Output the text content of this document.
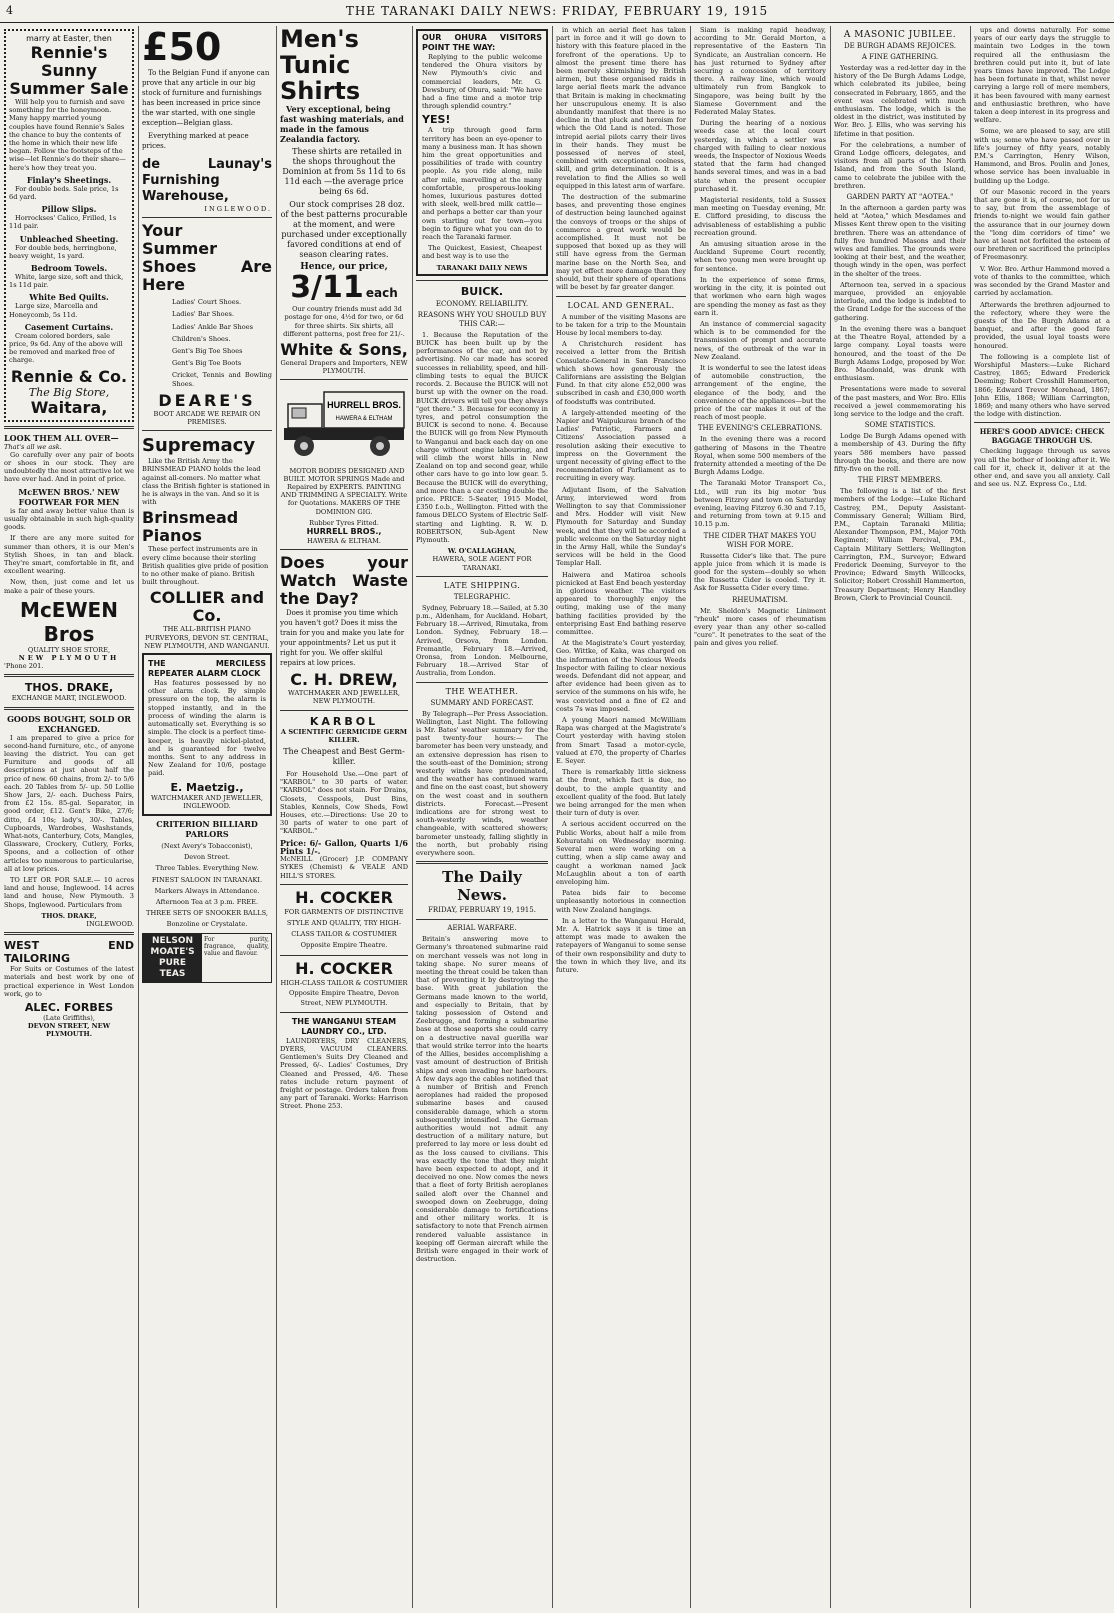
4	THE TARANAKI DAILY NEWS: FRIDAY, FEBRUARY 19, 1915
marry at Easter, then
Rennie's Sunny Summer Sale

Will help you to furnish and save something for the honeymoon. Many happy married young couples have found Rennie's Sales the chance to buy the contents of the home in which their new life began. Follow the footsteps of the wise—let Rennie's do their share—here's how they treat you.

Finlay's Sheetings.

For double beds. Sale price, 1s 6d yard.

Pillow Slips.

Horrockses' Calico, Frilled, 1s 11d pair.

Unbleached Sheeting.

For double beds, herringbone, heavy weight, 1s yard.

Bedroom Towels.

White, large size, soft and thick, 1s 11d pair.

White Bed Quilts.

Large size, Marcella and Honeycomb, 5s 11d.

Casement Curtains.

Cream colored borders, sale price, 9s 6d. Any of the above will be removed and marked free of charge.

Rennie & Co.
The Big Store,
Waitara,
LOOK THEM ALL OVER—
That's all we ask.

Go carefully over any pair of boots or shoes in our stock. They are undoubtedly the most attractive lot we have ever had. And in point of price.

McEWEN BROS.' NEW FOOTWEAR FOR MEN

is far and away better value than is usually obtainable in such high-quality goods.

If there are any more suited for summer than others, it is our Men's Stylish Shoes, in tan and black. They're smart, comfortable in fit, and excellent wearing.

Now, then, just come and let us make a pair of these yours.

McEWEN Bros
QUALITY SHOE STORE,
NEW PLYMOUTH
'Phone 201.
THOS. DRAKE,
EXCHANGE MART, INGLEWOOD.
GOODS BOUGHT, SOLD OR EXCHANGED.

I am prepared to give a price for second-hand furniture, etc., of anyone leaving the district. You can get Furniture and goods of all descriptions at just about half the price of new. 60 chains, from 2/- to 5/6 each. 20 Tables from 5/- up. 50 Lollie Show Jars, 2/- each. Duchess Pairs, from £2 15s. 85-gal. Separator, in good order, £12. Gent's Bike, 27/6; ditto, £4 10s; lady's, 30/-. Tables, Cupboards, Wardrobes, Washstands, What-nots, Canterbury, Cots, Mangles, Glassware, Crockery, Cutlery, Forks, Spoons, and a collection of other articles too numerous to particularise, all at low prices.

TO LET OR FOR SALE.— 10 acres land and house, Inglewood. 14 acres land and house, New Plymouth. 3 Shops, Inglewood. Particulars from

THOS. DRAKE,
INGLEWOOD.
WEST END TAILORING

For Suits or Costumes of the latest materials and best work by one of practical experience in West London work, go to

ALEC. FORBES
(Late Griffiths),
DEVON STREET, NEW PLYMOUTH.
£50

To the Belgian Fund if anyone can prove that any article in our big stock of furniture and furnishings has been increased in price since the war started, with one single exception—Belgian glass.

Everything marked at peace prices.

de Launay's Furnishing Warehouse,
INGLEWOOD.
Your
Summer Shoes Are Here
Ladies' Court Shoes.
Ladies' Bar Shoes.
Ladies' Ankle Bar Shoes
Children's Shoes.
Gent's Big Toe Shoes
Gent's Big Toe Boots
Cricket, Tennis and Bowling Shoes.
DEARE'S
BOOT ARCADE WE REPAIR ON PREMISES.
Supremacy

Like the British Army the BRINSMEAD PIANO holds the lead against all-comers. No matter what class the British fighter is stationed in he is always in the van. And so it is with

Brinsmead Pianos

These perfect instruments are in every clime because their sterling British qualities give pride of position to no other make of piano. British built throughout.

COLLIER and Co.
THE ALL-BRITISH PIANO PURVEYORS, DEVON ST. CENTRAL, NEW PLYMOUTH, AND WANGANUI.
THE MERCILESS REPEATER ALARM CLOCK

Has features possessed by no other alarm clock. By simple pressure on the top, the alarm is stopped instantly, and in the process of winding the alarm is automatically set. Everything is so simple. The clock is a perfect time-keeper, is heavily nickel-plated, and is guaranteed for twelve months. Sent to any address in New Zealand for 10/6, postage paid.

E. Maetzig.,
WATCHMAKER AND JEWELLER, INGLEWOOD.
CRITERION BILLIARD PARLORS
(Next Avery's Tobacconist),
Devon Street.
Three Tables. Everything New.
FINEST SALOON IN TARANAKI.
Markers Always in Attendance.
Afternoon Tea at 3 p.m. FREE.
THREE SETS OF SNOOKER BALLS,
Bonzoline or Crystalate.
NELSON MOATE'S PURE TEAS
For purity, fragrance, quality, value and flavour.
Men's Tunic Shirts

Very exceptional, being fast washing materials, and made in the famous Zealandia factory.

These shirts are retailed in the shops throughout the Dominion at from 5s 11d to 6s 11d each —the average price being 6s 6d.

Our stock comprises 28 doz. of the best patterns procurable at the moment, and were purchased under exceptionally favored conditions at end of season clearing rates.

Hence, our price,
3/11 each

Our country friends must add 3d postage for one, 4½d for two, or 6d for three shirts. Six shirts, all different patterns, post free for 21/-.

White & Sons,
General Drapers and Importers, NEW PLYMOUTH.
HURRELL BROS.
HAWERA & ELTHAM

MOTOR BODIES DESIGNED AND BUILT. MOTOR SPRINGS Made and Repaired by EXPERTS. PAINTING AND TRIMMING A SPECIALTY. Write for Quotations. MAKERS OF THE DOMINION GIG.

Rubber Tyres Fitted.
HURRELL BROS.,
HAWERA & ELTHAM.
Does your Watch Waste the Day?

Does it promise you time which you haven't got? Does it miss the train for you and make you late for your appointments? Let us put it right for you. We offer skilful repairs at low prices.

C. H. DREW,
WATCHMAKER AND JEWELLER, NEW PLYMOUTH.
KARBOL
A SCIENTIFIC GERMICIDE GERM KILLER.
The Cheapest and Best Germ-killer.

For Household Use.—One part of "KARBOL" to 30 parts of water. "KARBOL" does not stain. For Drains, Closets, Cesspools, Dust Bins, Stables, Kennels, Cow Sheds, Fowl Houses, etc.—Directions: Use 20 to 30 parts of water to one part of "KARBOL."

Price: 6/- Gallon, Quarts 1/6 Pints 1/-.
McNEILL (Grocer) J.P. COMPANY SYKES (Chemist) & VEALE AND HILL'S STORES.
H. COCKER
FOR GARMENTS OF DISTINCTIVE STYLE AND QUALITY, TRY HIGH-CLASS TAILOR & COSTUMIER Opposite Empire Theatre.
H. COCKER
HIGH-CLASS TAILOR & COSTUMIER Opposite Empire Theatre, Devon Street, NEW PLYMOUTH.
THE WANGANUI STEAM LAUNDRY CO., LTD.

LAUNDRYERS, DRY CLEANERS, DYERS, VACUUM CLEANERS. Gentlemen's Suits Dry Cleaned and Pressed, 6/-. Ladies' Costumes, Dry Cleaned and Pressed, 4/6. These rates include return payment of freight or postage. Orders taken from any part of Taranaki. Works: Harrison Street. Phone 253.

OUR OHURA VISITORS POINT THE WAY:

Replying to the public welcome tendered the Ohura visitors by New Plymouth's civic and commercial leaders, Mr. G. Dewsbury, of Ohura, said: "We have had a fine time and a motor trip through splendid country."

YES!

A trip through good farm territory has been an eye-opener to many a business man. It has shown him the great opportunities and possibilities of trade with country people. As you ride along, mile after mile, marvelling at the many comfortable, prosperous-looking homes, luxurious pastures dotted with sleek, well-bred milk cattle—and perhaps a better car than your own starting out for town—you begin to figure what you can do to reach the Taranaki farmer.

The Quickest, Easiest, Cheapest and best way is to use the

TARANAKI DAILY NEWS
BUICK.
ECONOMY. RELIABILITY.
REASONS WHY YOU SHOULD BUY THIS CAR:—

1. Because the Reputation of the BUICK has been built up by the performances of the car, and not by advertising. No car made has scored successes in reliability, speed, and hill-climbing tests to equal the BUICK records. 2. Because the BUICK will not burst up with the owner on the road. BUICK drivers will tell you they always "get there." 3. Because for economy in tyres, and petrol consumption the BUICK is second to none. 4. Because the BUICK will go from New Plymouth to Wanganui and back each day on one charge without engine labouring, and will climb the worst hills in New Zealand on top and second gear, while other cars have to go into low gear. 5. Because the BUICK will do everything, and more than a car costing double the price. PRICE: 5-Seater, 1915 Model, £350 f.o.b., Wellington. Fitted with the famous DELCO System of Electric Self-starting and Lighting. R. W. D. ROBERTSON, Sub-Agent New Plymouth.

W. O'CALLAGHAN,
HAWERA, SOLE AGENT FOR TARANAKI.
LATE SHIPPING.
TELEGRAPHIC.

Sydney, February 18.—Sailed, at 5.30 p.m., Aldenham, for Auckland. Hobart, February 18.—Arrived, Rimutaka, from London. Sydney, February 18.—Arrived, Orsova, from London. Fremantle, February 18.—Arrived, Oronsa, from London. Melbourne, February 18.—Arrived Star of Australia, from London.

THE WEATHER.
SUMMARY AND FORECAST.

By Telegraph—Per Press Association. Wellington, Last Night. The following is Mr. Bates' weather summary for the past twenty-four hours:— The barometer has been very unsteady, and an extensive depression has risen to the south-east of the Dominion; strong westerly winds have predominated, and the weather has continued warm and fine on the east coast, but showery on the west coast and in southern districts. Forecast.—Present indications are for strong west to south-westerly winds, weather changeable, with scattered showers; barometer unsteady, falling slightly in the north, but probably rising everywhere soon.

The Daily News.
FRIDAY, FEBRUARY 19, 1915.
AERIAL WARFARE.

Britain's answering move to Germany's threatened submarine raid on merchant vessels was not long in taking shape. No surer means of meeting the threat could be taken than that of preventing it by destroying the base. With great jubilation the Germans made known to the world, and especially to Britain, that by taking possession of Ostend and Zeebrugge, and forming a submarine base at those seaports she could carry on a destructive naval guerilla war that would strike terror into the hearts of the Allies, besides accomplishing a vast amount of destruction of British ships and even invading her harbours. A few days ago the cables notified that a number of British and French aeroplanes had raided the proposed submarine bases and caused considerable damage, which a storm subsequently intensified. The German authorities would not admit any destruction of a military nature, but preferred to lay more or less doubt ed as the loss caused to civilians. This was exactly the tone that they might have been expected to adopt, and it deceived no one. Now comes the news that a fleet of forty British aeroplanes sailed aloft over the Channel and swooped down on Zeebrugge, doing considerable damage to fortifications and other military works. It is satisfactory to note that French airmen rendered valuable assistance in keeping off German aircraft while the British were engaged in their work of destruction.

in which an aerial fleet has taken part in force and it will go down to history with this feature placed in the forefront of the operations. Up to almost the present time there has been merely skirmishing by British airmen, but these organised raids in large aerial fleets mark the advance that Britain is making in checkmating her unscrupulous enemy. It is also abundantly manifest that there is no decline in that pluck and heroism for which the Old Land is noted. Those intrepid aerial pilots carry their lives in their hands. They must be possessed of nerves of steel, combined with exceptional coolness, skill, and grim determination. It is a revelation to find the Allies so well equipped in this latest arm of warfare.

The destruction of the submarine bases, and preventing those engines of destruction being launched against the convoys of troops or the ships of commerce a great work would be accomplished. It must not be supposed that boxed up as they will still have egress from the German marine base on the North Sea, and may yet effect more damage than they should, but their sphere of operations will be beset by far greater danger.

LOCAL AND GENERAL.

A number of the visiting Masons are to be taken for a trip to the Mountain House by local members to-day.

A Christchurch resident has received a letter from the British Consulate-General in San Francisco which shows how generously the Californians are assisting the Belgian Fund. In that city alone £52,000 was subscribed in cash and £30,000 worth of foodstuffs was contributed.

A largely-attended meeting of the Napier and Waipukurau branch of the Ladies' Patriotic, Farmers and Citizens' Association passed a resolution asking their executive to impress on the Government the urgent necessity of giving effect to the recommendation of Parliament as to recruiting in every way.

Adjutant Ilsom, of the Salvation Army, interviewed word from Wellington to say that Commissioner and Mrs. Hodder will visit New Plymouth for Saturday and Sunday week, and that they will be accorded a public welcome on the Saturday night in the Army Hall, while the Sunday's services will be held in the Good Templar Hall.

Haiwera and Matiroa schools picnicked at East End beach yesterday in glorious weather. The visitors appeared to thoroughly enjoy the outing, making use of the many bathing facilities provided by the enterprising East End bathing reserve committee.

At the Magistrate's Court yesterday, Geo. Wittke, of Kaka, was charged on the information of the Noxious Weeds Inspector with failing to clear noxious weeds. Defendant did not appear, and after evidence had been given as to service of the summons on his wife, he was convicted and a fine of £2 and costs 7s was imposed.

A young Maori named McWilliam Rapa was charged at the Magistrate's Court yesterday with having stolen from Smart Tasad a motor-cycle, valued at £70, the property of Charles E. Seyer.

There is remarkably little sickness at the front, which fact is due, no doubt, to the ample quantity and excellent quality of the food. But lately we being arranged for the men when their turn of duty is over.

A serious accident occurred on the Public Works, about half a mile from Kohuratahi on Wednesday morning. Several men were working on a cutting, when a slip came away and caught a workman named Jack McLaughlin about a ton of earth enveloping him.

Patea bids fair to become unpleasantly notorious in connection with New Zealand hangings.

In a letter to the Wanganui Herald, Mr. A. Hatrick says it is time an attempt was made to awaken the ratepayers of Wanganui to some sense of their own responsibility and duty to the town in which they live, and its future.

Siam is making rapid headway, according to Mr. Gerald Morton, a representative of the Eastern Tin Syndicate, an Australian concern. He has just returned to Sydney after securing a concession of territory there. A railway line, which would ultimately run from Bangkok to Singapore, was being built by the Siamese Government and the Federated Malay States.

During the hearing of a noxious weeds case at the local court yesterday, in which a settler was charged with failing to clear noxious weeds, the Inspector of Noxious Weeds stated that the farm had changed hands several times, and was in a bad state when the present occupier purchased it.

Magisterial residents, told a Sussex man meeting on Tuesday evening, Mr. E. Clifford presiding, to discuss the advisableness of establishing a public recreation ground.

An amusing situation arose in the Auckland Supreme Court recently, when two young men were brought up for sentence.

In the experience of some firms, working in the city, it is pointed out that workmen who earn high wages are spending the money as fast as they earn it.

An instance of commercial sagacity which is to be commended for the transmission of prompt and accurate news, of the outbreak of the war in New Zealand.

It is wonderful to see the latest ideas of automobile construction, the arrangement of the engine, the elegance of the body, and the convenience of the appliances—but the price of the car makes it out of the reach of most people.

THE EVENING'S CELEBRATIONS.

In the evening there was a record gathering of Masons in the Theatre Royal, when some 500 members of the fraternity attended a meeting of the De Burgh Adams Lodge.

The Taranaki Motor Transport Co., Ltd., will run its big motor 'bus between Fitzroy and town on Saturday evening, leaving Fitzroy 6.30 and 7.15, and returning from town at 9.15 and 10.15 p.m.

THE CIDER THAT MAKES YOU WISH FOR MORE.

Russetta Cider's like that. The pure apple juice from which it is made is good for the system—doubly so when the Russetta Cider is cooled. Try it. Ask for Russetta Cider every time.

RHEUMATISM.

Mr. Sheldon's Magnetic Liniment "rheuk" more cases of rheumatism every year than any other so-called "cure". It penetrates to the seat of the pain and gives you relief.

A MASONIC JUBILEE.
DE BURGH ADAMS REJOICES.
A FINE GATHERING.

Yesterday was a red-letter day in the history of the De Burgh Adams Lodge, which celebrated its jubilee, being consecrated in February, 1865, and the event was celebrated with much enthusiasm. The lodge, which is the oldest in the district, was instituted by Wor. Bro. J. Ellis, who was serving his lifetime in that position.

For the celebrations, a number of Grand Lodge officers, delegates, and visitors from all parts of the North Island, and from the South Island, came to celebrate the jubilee with the brethren.

GARDEN PARTY AT "AOTEA."

In the afternoon a garden party was held at "Aotea," which Mesdames and Misses Kent threw open to the visiting brethren. There was an attendance of fully five hundred Masons and their wives and families. The grounds were looking at their best, and the weather, though windy in the open, was perfect in the shelter of the trees.

Afternoon tea, served in a spacious marquee, provided an enjoyable interlude, and the lodge is indebted to the Grand Lodge for the success of the gathering.

In the evening there was a banquet at the Theatre Royal, attended by a large company. Loyal toasts were honoured, and the toast of the De Burgh Adams Lodge, proposed by Wor. Bro. Macdonald, was drunk with enthusiasm.

Presentations were made to several of the past masters, and Wor. Bro. Ellis received a jewel commemorating his long service to the lodge and the craft.

SOME STATISTICS.

Lodge De Burgh Adams opened with a membership of 43. During the fifty years 586 members have passed through the books, and there are now fifty-five on the roll.

THE FIRST MEMBERS.

The following is a list of the first members of the Lodge:—Luke Richard Castrey, P.M., Deputy Assistant-Commissary General; William Bird, P.M., Captain Taranaki Militia; Alexander Thompson, P.M., Major 70th Regiment; William Percival, P.M., Captain Military Settlers; Wellington Carrington, P.M., Surveyor; Edward Frederick Deeming, Surveyor to the Province; Edward Smyth Willcocks, Solicitor; Robert Crosshill Hammerton, Treasury Department; Henry Handley Brown, Clerk to Provincial Council.

ups and downs naturally. For some years of our early days the struggle to maintain two Lodges in the town required all the enthusiasm the brethren could put into it, but of late years times have improved. The Lodge has been fortunate in that, whilst never carrying a large roll of mere members, it has been favoured with many earnest and enthusiastic brethren, who have taken a deep interest in its progress and welfare.

Some, we are pleased to say, are still with us; some who have passed over in life's journey of fifty years, notably P.M.'s Carrington, Henry Wilson, Hammond, and Bros. Poulin and Jones, whose service has been invaluable in building up the Lodge.

Of our Masonic record in the years that are gone it is, of course, not for us to say, but from the assemblage of friends to-night we would fain gather the assurance that in our journey down the "long dim corridors of time" we have at least not forfeited the esteem of our brethren or sacrificed the principles of Freemasonry.

V. Wor. Bro. Arthur Hammond moved a vote of thanks to the committee, which was seconded by the Grand Master and carried by acclamation.

Afterwards the brethren adjourned to the refectory, where they were the guests of the De Burgh Adams at a banquet, and after the good fare provided, the usual loyal toasts were honoured.

The following is a complete list of Worshipful Masters:—Luke Richard Castrey, 1865; Edward Frederick Deeming; Robert Crosshill Hammerton, 1866; Edward Trevor Morehead, 1867; John Ellis, 1868; William Carrington, 1869; and many others who have served the lodge with distinction.

HERE'S GOOD ADVICE: CHECK BAGGAGE THROUGH US.

Checking luggage through us saves you all the bother of looking after it. We call for it, check it, deliver it at the other end, and save you all anxiety. Call and see us. N.Z. Express Co., Ltd.
